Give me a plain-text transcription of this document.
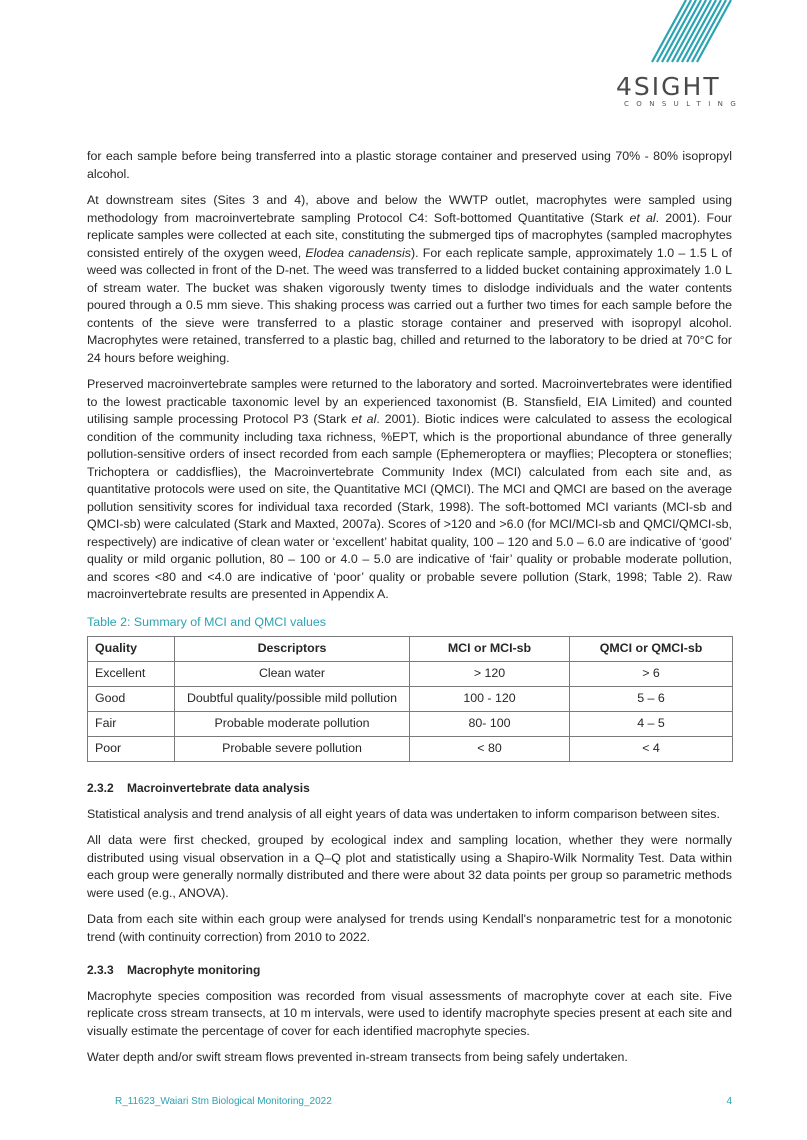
4SIGHT
CONSULTING

for each sample before being transferred into a plastic storage container and preserved using 70% - 80% isopropyl alcohol.

At downstream sites (Sites 3 and 4), above and below the WWTP outlet, macrophytes were sampled using methodology from macroinvertebrate sampling Protocol C4: Soft-bottomed Quantitative (Stark et al. 2001). Four replicate samples were collected at each site, constituting the submerged tips of macrophytes (sampled macrophytes consisted entirely of the oxygen weed, Elodea canadensis). For each replicate sample, approximately 1.0 – 1.5 L of weed was collected in front of the D-net. The weed was transferred to a lidded bucket containing approximately 1.0 L of stream water. The bucket was shaken vigorously twenty times to dislodge individuals and the water contents poured through a 0.5 mm sieve. This shaking process was carried out a further two times for each sample before the contents of the sieve were transferred to a plastic storage container and preserved with isopropyl alcohol. Macrophytes were retained, transferred to a plastic bag, chilled and returned to the laboratory to be dried at 70°C for 24 hours before weighing.

Preserved macroinvertebrate samples were returned to the laboratory and sorted. Macroinvertebrates were identified to the lowest practicable taxonomic level by an experienced taxonomist (B. Stansfield, EIA Limited) and counted utilising sample processing Protocol P3 (Stark et al. 2001). Biotic indices were calculated to assess the ecological condition of the community including taxa richness, %EPT, which is the proportional abundance of three generally pollution-sensitive orders of insect recorded from each sample (Ephemeroptera or mayflies; Plecoptera or stoneflies; Trichoptera or caddisflies), the Macroinvertebrate Community Index (MCI) calculated from each site and, as quantitative protocols were used on site, the Quantitative MCI (QMCI). The MCI and QMCI are based on the average pollution sensitivity scores for individual taxa recorded (Stark, 1998). The soft-bottomed MCI variants (MCI-sb and QMCI-sb) were calculated (Stark and Maxted, 2007a). Scores of >120 and >6.0 (for MCI/MCI-sb and QMCI/QMCI-sb, respectively) are indicative of clean water or ‘excellent’ habitat quality, 100 – 120 and 5.0 – 6.0 are indicative of ‘good’ quality or mild organic pollution, 80 – 100 or 4.0 – 5.0 are indicative of ‘fair’ quality or probable moderate pollution, and scores <80 and <4.0 are indicative of ‘poor’ quality or probable severe pollution (Stark, 1998; Table 2). Raw macroinvertebrate results are presented in Appendix A.

Table 2: Summary of MCI and QMCI values
Quality	Descriptors	MCI or MCI-sb	QMCI or QMCI-sb
Excellent	Clean water	> 120	> 6
Good	Doubtful quality/possible mild pollution	100 - 120	5 – 6
Fair	Probable moderate pollution	80- 100	4 – 5
Poor	Probable severe pollution	< 80	< 4
2.3.2 Macroinvertebrate data analysis

Statistical analysis and trend analysis of all eight years of data was undertaken to inform comparison between sites.

All data were first checked, grouped by ecological index and sampling location, whether they were normally distributed using visual observation in a Q–Q plot and statistically using a Shapiro-Wilk Normality Test. Data within each group were generally normally distributed and there were about 32 data points per group so parametric methods were used (e.g., ANOVA).

Data from each site within each group were analysed for trends using Kendall's nonparametric test for a monotonic trend (with continuity correction) from 2010 to 2022.

2.3.3 Macrophyte monitoring

Macrophyte species composition was recorded from visual assessments of macrophyte cover at each site. Five replicate cross stream transects, at 10 m intervals, were used to identify macrophyte species present at each site and visually estimate the percentage of cover for each identified macrophyte species.

Water depth and/or swift stream flows prevented in-stream transects from being safely undertaken.

R_11623_Waiari Stm Biological Monitoring_2022	4
